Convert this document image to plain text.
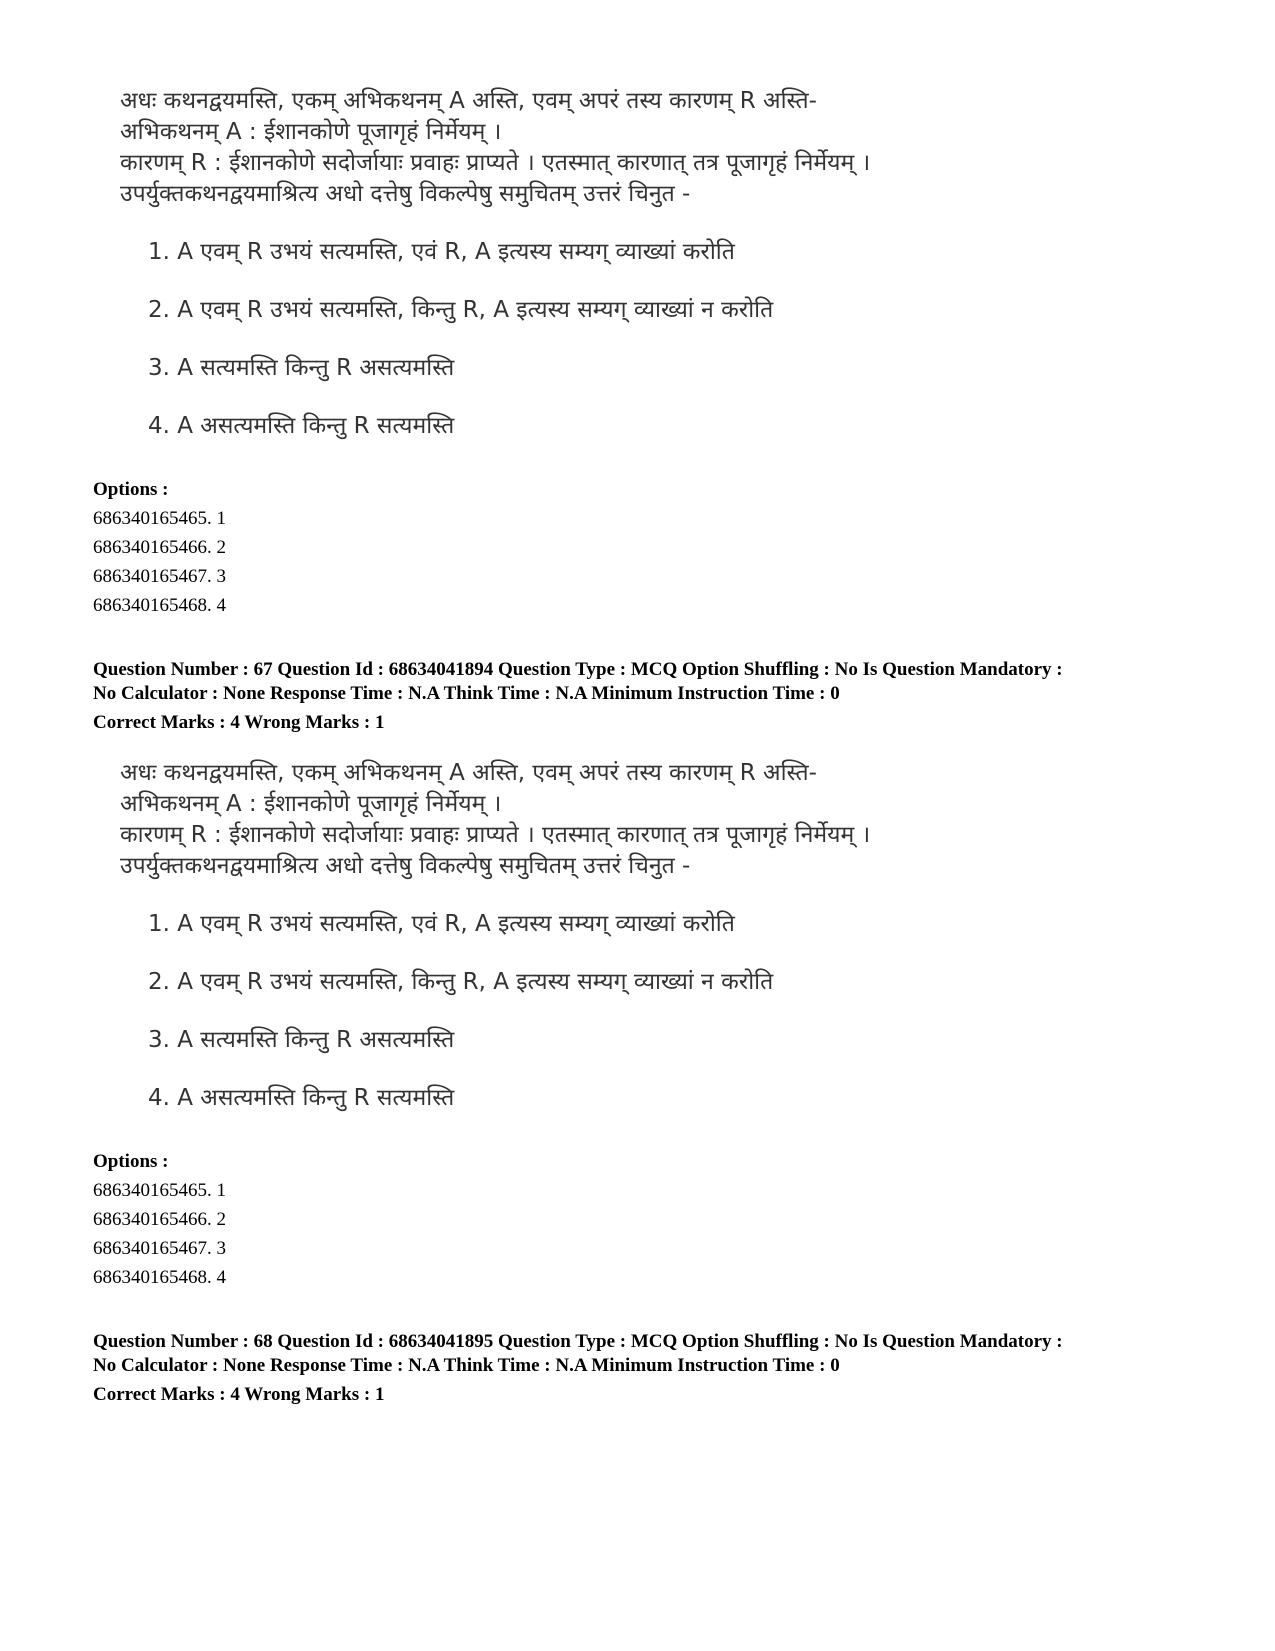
अधः कथनद्वयमस्ति, एकम् अभिकथनम् A अस्ति, एवम् अपरं तस्य कारणम् R अस्ति-
अभिकथनम् A : ईशानकोणे पूजागृहं निर्मेयम् ।
कारणम् R : ईशानकोणे सदोर्जायाः प्रवाहः प्राप्यते । एतस्मात् कारणात् तत्र पूजागृहं निर्मेयम् ।
उपर्युक्तकथनद्वयमाश्रित्य अधो दत्तेषु विकल्पेषु समुचितम् उत्तरं चिनुत -
1. A एवम् R उभयं सत्यमस्ति, एवं R, A इत्यस्य सम्यग् व्याख्यां करोति
2. A एवम् R उभयं सत्यमस्ति, किन्तु R, A इत्यस्य सम्यग् व्याख्यां न करोति
3. A सत्यमस्ति किन्तु R असत्यमस्ति
4. A असत्यमस्ति किन्तु R सत्यमस्ति
Options :
686340165465. 1
686340165466. 2
686340165467. 3
686340165468. 4
Question Number : 67 Question Id : 68634041894 Question Type : MCQ Option Shuffling : No Is Question Mandatory :
No Calculator : None Response Time : N.A Think Time : N.A Minimum Instruction Time : 0
Correct Marks : 4 Wrong Marks : 1
अधः कथनद्वयमस्ति, एकम् अभिकथनम् A अस्ति, एवम् अपरं तस्य कारणम् R अस्ति-
अभिकथनम् A : ईशानकोणे पूजागृहं निर्मेयम् ।
कारणम् R : ईशानकोणे सदोर्जायाः प्रवाहः प्राप्यते । एतस्मात् कारणात् तत्र पूजागृहं निर्मेयम् ।
उपर्युक्तकथनद्वयमाश्रित्य अधो दत्तेषु विकल्पेषु समुचितम् उत्तरं चिनुत -
1. A एवम् R उभयं सत्यमस्ति, एवं R, A इत्यस्य सम्यग् व्याख्यां करोति
2. A एवम् R उभयं सत्यमस्ति, किन्तु R, A इत्यस्य सम्यग् व्याख्यां न करोति
3. A सत्यमस्ति किन्तु R असत्यमस्ति
4. A असत्यमस्ति किन्तु R सत्यमस्ति
Options :
686340165465. 1
686340165466. 2
686340165467. 3
686340165468. 4
Question Number : 68 Question Id : 68634041895 Question Type : MCQ Option Shuffling : No Is Question Mandatory :
No Calculator : None Response Time : N.A Think Time : N.A Minimum Instruction Time : 0
Correct Marks : 4 Wrong Marks : 1
